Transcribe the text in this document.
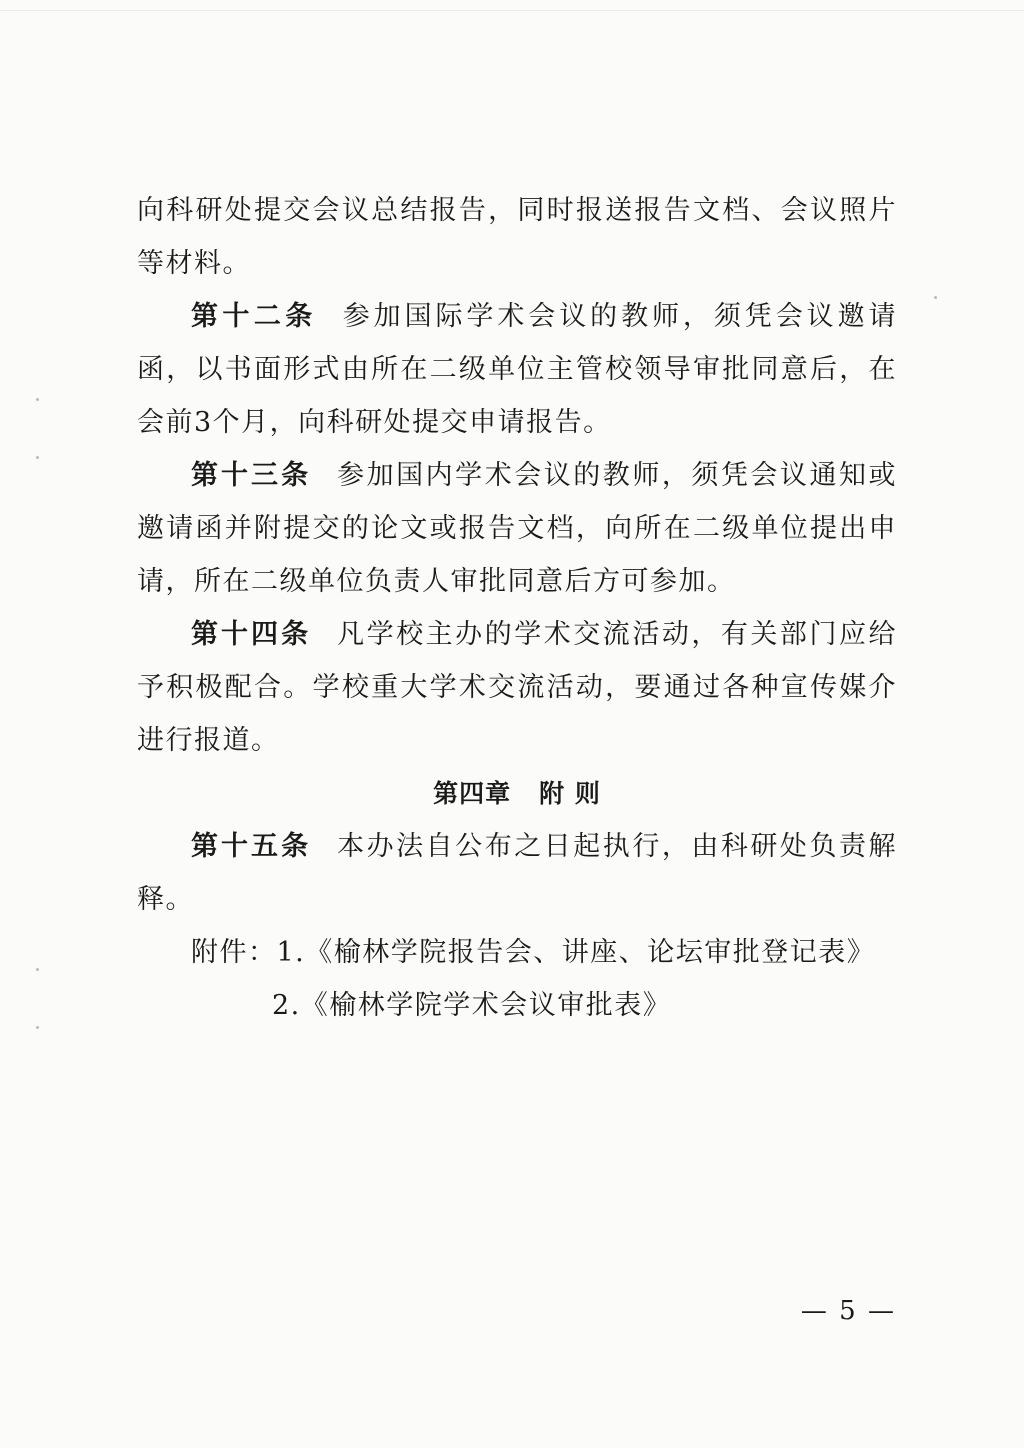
向科研处提交会议总结报告，同时报送报告文档、会议照片等材料。

第十二条 参加国际学术会议的教师，须凭会议邀请函，以书面形式由所在二级单位主管校领导审批同意后，在会前3个月，向科研处提交申请报告。

第十三条 参加国内学术会议的教师，须凭会议通知或邀请函并附提交的论文或报告文档，向所在二级单位提出申请，所在二级单位负责人审批同意后方可参加。

第十四条 凡学校主办的学术交流活动，有关部门应给予积极配合。学校重大学术交流活动，要通过各种宣传媒介进行报道。

第四章 附 则

第十五条 本办法自公布之日起执行，由科研处负责解释。

附件：1.《榆林学院报告会、讲座、论坛审批登记表》

2.《榆林学院学术会议审批表》

— 5 —
